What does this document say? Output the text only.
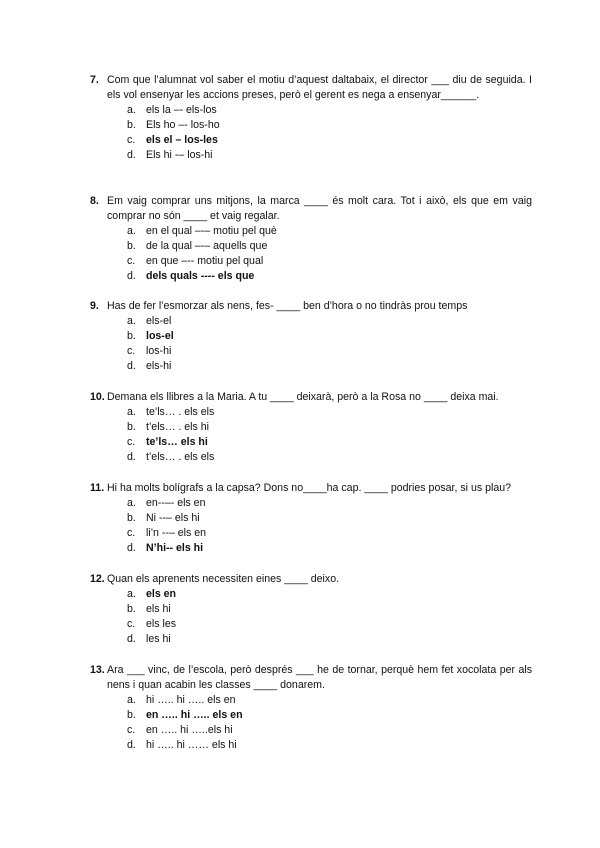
7. Com que l’alumnat vol saber el motiu d’aquest daltabaix, el director ___ diu de seguida. I els vol ensenyar les accions preses, però el gerent es nega a ensenyar______.
a. els la –- els-los
b. Els ho –- los-ho
c. els el – los-les
d. Els hi -– los-hi
8. Em vaig comprar uns mitjons, la marca ____ és molt cara. Tot i això, els que em vaig comprar no són ____ et vaig regalar.
a. en el qual –-– motiu pel què
b. de la qual –-– aquells que
c. en que –-- motiu pel qual
d. dels quals ---- els que
9. Has de fer l’esmorzar als nens, fes- ____ ben d’hora o no tindràs prou temps
a. els-el
b. los-el
c. los-hi
d. els-hi
10. Demana els llibres a la Maria. A tu ____ deixarà, però a la Rosa no ____ deixa mai.
a. te’ls… . els els
b. t’els… . els hi
c. te’ls… els hi
d. t’els… . els els
11. Hi ha molts bolígrafs a la capsa? Dons no____ha cap. ____ podries posar, si us plau?
a. en--–- els en
b. Ni --– els hi
c. li’n --– els en
d. N’hi-- els hi
12. Quan els aprenents necessiten eines ____ deixo.
a. els en
b. els hi
c. els les
d. les hi
13. Ara ___ vinc, de l’escola, però després ___ he de tornar, perquè hem fet xocolata per als nens i quan acabin les classes ____ donarem.
a. hi ….. hi ….. els en
b. en ….. hi ….. els en
c. en ….. hi …..els hi
d. hi ….. hi …… els hi
